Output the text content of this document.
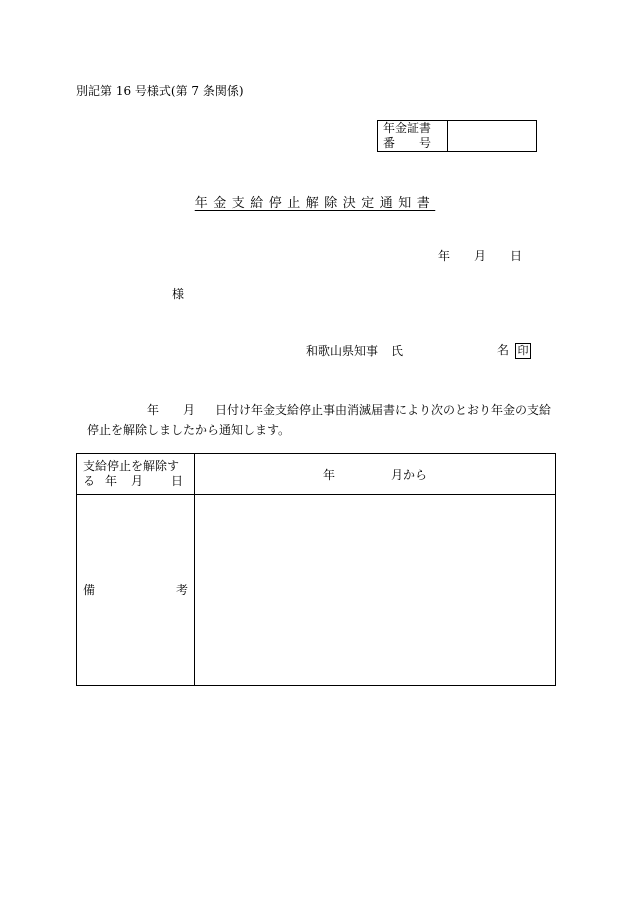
別記第 16 号様式(第 7 条関係)
年金証書
番　　号

年金支給停止解除決定通知書
年 月 日
様
和歌山県知事 氏	名 印
年 月 日付け年金支給停止事由消滅届書により次のとおり年金の支給
停止を解除しましたから通知します。
支給停止を解除す
る 年 月 日	年 月から

備 考	
